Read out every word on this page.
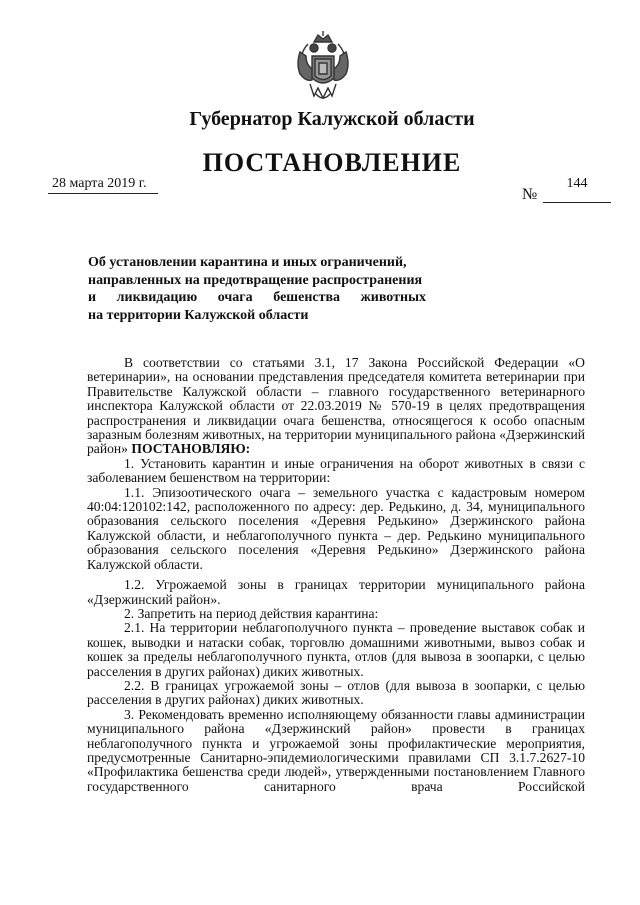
Губернатор Калужской области
ПОСТАНОВЛЕНИЕ
28 марта 2019 г.
№
144
Об установлении карантина и иных ограничений,
направленных на предотвращение распространения
и ликвидацию очага бешенства животных
на территории Калужской области

В соответствии со статьями 3.1, 17 Закона Российской Федерации «О ветеринарии», на основании представления председателя комитета ветеринарии при Правительстве Калужской области – главного государственного ветеринарного инспектора Калужской области от 22.03.2019 № 570-19 в целях предотвращения распространения и ликвидации очага бешенства, относящегося к особо опасным заразным болезням животных, на территории муниципального района «Дзержинский район» ПОСТАНОВЛЯЮ:

1. Установить карантин и иные ограничения на оборот животных в связи с заболеванием бешенством на территории:

1.1. Эпизоотического очага – земельного участка с кадастровым номером 40:04:120102:142, расположенного по адресу: дер. Редькино, д. 34, муниципального образования сельского поселения «Деревня Редькино» Дзержинского района Калужской области, и неблагополучного пункта – дер. Редькино муниципального образования сельского поселения «Деревня Редькино» Дзержинского района Калужской области.

1.2. Угрожаемой зоны в границах территории муниципального района «Дзержинский район».

2. Запретить на период действия карантина:

2.1. На территории неблагополучного пункта – проведение выставок собак и кошек, выводки и натаски собак, торговлю домашними животными, вывоз собак и кошек за пределы неблагополучного пункта, отлов (для вывоза в зоопарки, с целью расселения в других районах) диких животных.

2.2. В границах угрожаемой зоны – отлов (для вывоза в зоопарки, с целью расселения в других районах) диких животных.

3. Рекомендовать временно исполняющему обязанности главы администрации муниципального района «Дзержинский район» провести в границах неблагополучного пункта и угрожаемой зоны профилактические мероприятия, предусмотренные Санитарно-эпидемиологическими правилами СП 3.1.7.2627-10 «Профилактика бешенства среди людей», утвержденными постановлением Главного государственного санитарного врача Российской
